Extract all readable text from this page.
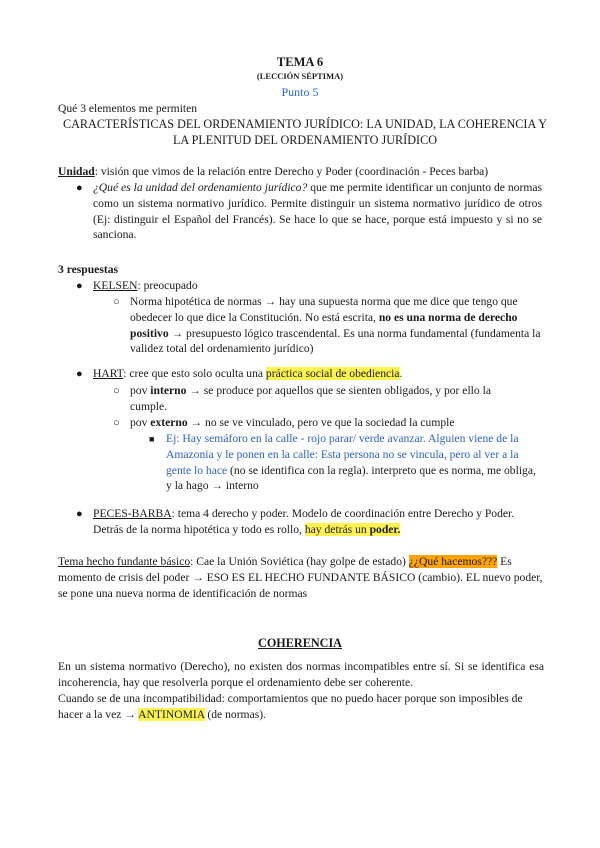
TEMA 6
(LECCIÓN SÉPTIMA)
Punto 5
Qué 3 elementos me permiten
CARACTERÍSTICAS DEL ORDENAMIENTO JURÍDICO: LA UNIDAD, LA COHERENCIA Y
LA PLENITUD DEL ORDENAMIENTO JURÍDICO
Unidad: visión que vimos de la relación entre Derecho y Poder (coordinación - Peces barba)
● ¿Qué es la unidad del ordenamiento jurídico? que me permite identificar un conjunto de normas como un sistema normativo jurídico. Permite distinguir un sistema normativo jurídico de otros (Ej: distinguir el Español del Francés). Se hace lo que se hace, porque está impuesto y si no se sanciona.
3 respuestas
● KELSEN: preocupado
○ Norma hipotética de normas → hay una supuesta norma que me dice que tengo que obedecer lo que dice la Constitución. No está escrita, no es una norma de derecho positivo → presupuesto lógico trascendental. Es una norma fundamental (fundamenta la validez total del ordenamiento jurídico)
● HART: cree que esto solo oculta una práctica social de obediencia.
○ pov interno → se produce por aquellos que se sienten obligados, y por ello la cumple.
○ pov externo → no se ve vinculado, pero ve que la sociedad la cumple
■ Ej: Hay semáforo en la calle - rojo parar/ verde avanzar. Alguien viene de la Amazonia y le ponen en la calle: Esta persona no se vincula, pero al ver a la gente lo hace (no se identifica con la regla). interpreto que es norma, me obliga, y la hago → interno
● PECES-BARBA: tema 4 derecho y poder. Modelo de coordinación entre Derecho y Poder. Detrás de la norma hipotética y todo es rollo, hay detrás un poder.
Tema hecho fundante básico: Cae la Unión Soviética (hay golpe de estado) ¿¿Qué hacemos??? Es momento de crisis del poder → ESO ES EL HECHO FUNDANTE BÁSICO (cambio). EL nuevo poder, se pone una nueva norma de identificación de normas
COHERENCIA
En un sistema normativo (Derecho), no existen dos normas incompatibles entre sí. Si se identifica esa incoherencia, hay que resolverla porque el ordenamiento debe ser coherente.
Cuando se de una incompatibilidad: comportamientos que no puedo hacer porque son imposibles de hacer a la vez → ANTINOMIA (de normas).
